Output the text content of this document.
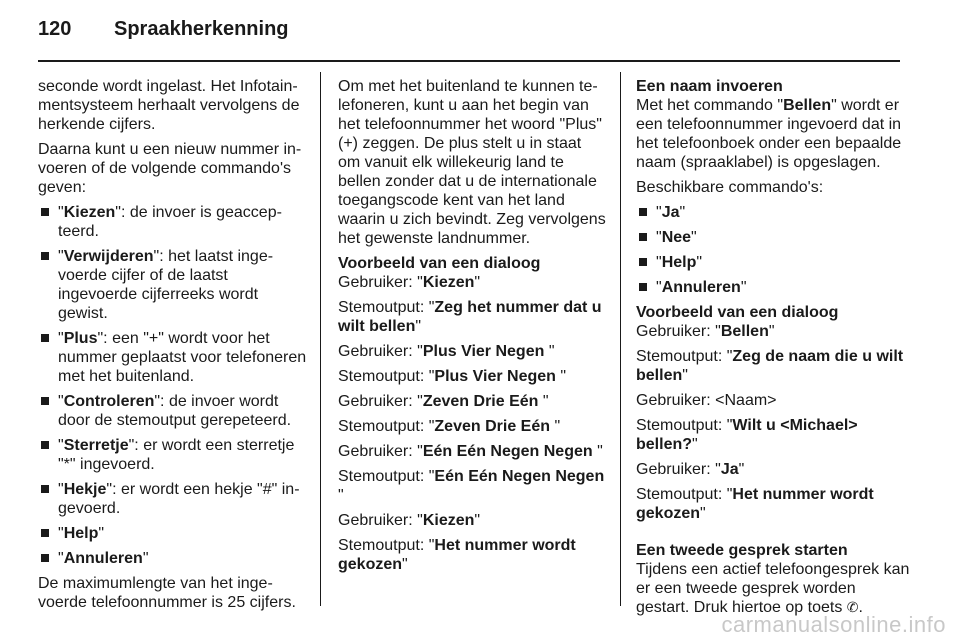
120	Spraakherkenning

seconde wordt ingelast. Het Infotainmentsysteem herhaalt vervolgens de herkende cijfers.

Daarna kunt u een nieuw nummer invoeren of de volgende commando's geven:

"Kiezen": de invoer is geaccepteerd.
"Verwijderen": het laatst ingevoerde cijfer of de laatst ingevoerde cijferreeks wordt gewist.
"Plus": een "+" wordt voor het nummer geplaatst voor telefoneren met het buitenland.
"Controleren": de invoer wordt door de stemoutput gerepeteerd.
"Sterretje": er wordt een sterretje "*" ingevoerd.
"Hekje": er wordt een hekje "#" ingevoerd.
"Help"
"Annuleren"

De maximumlengte van het ingevoerde telefoonnummer is 25 cijfers.

Om met het buitenland te kunnen telefoneren, kunt u aan het begin van het telefoonnummer het woord "Plus" (+) zeggen. De plus stelt u in staat om vanuit elk willekeurig land te bellen zonder dat u de internationale toegangscode kent van het land waarin u zich bevindt. Zeg vervolgens het gewenste landnummer.

Voorbeeld van een dialoog

Gebruiker: "Kiezen"

Stemoutput: "Zeg het nummer dat u wilt bellen"

Gebruiker: "Plus Vier Negen "

Stemoutput: "Plus Vier Negen "

Gebruiker: "Zeven Drie Eén "

Stemoutput: "Zeven Drie Eén "

Gebruiker: "Eén Eén Negen Negen "

Stemoutput: "Eén Eén Negen Negen "

Gebruiker: "Kiezen"

Stemoutput: "Het nummer wordt gekozen"

Een naam invoeren

Met het commando "Bellen" wordt er een telefoonnummer ingevoerd dat in het telefoonboek onder een bepaalde naam (spraaklabel) is opgeslagen.

Beschikbare commando's:

"Ja"
"Nee"
"Help"
"Annuleren"
Voorbeeld van een dialoog

Gebruiker: "Bellen"

Stemoutput: "Zeg de naam die u wilt bellen"

Gebruiker: <Naam>

Stemoutput: "Wilt u <Michael> bellen?"

Gebruiker: "Ja"

Stemoutput: "Het nummer wordt gekozen"

Een tweede gesprek starten

Tijdens een actief telefoongesprek kan er een tweede gesprek worden gestart. Druk hiertoe op toets ✆.

carmanualsonline.info
